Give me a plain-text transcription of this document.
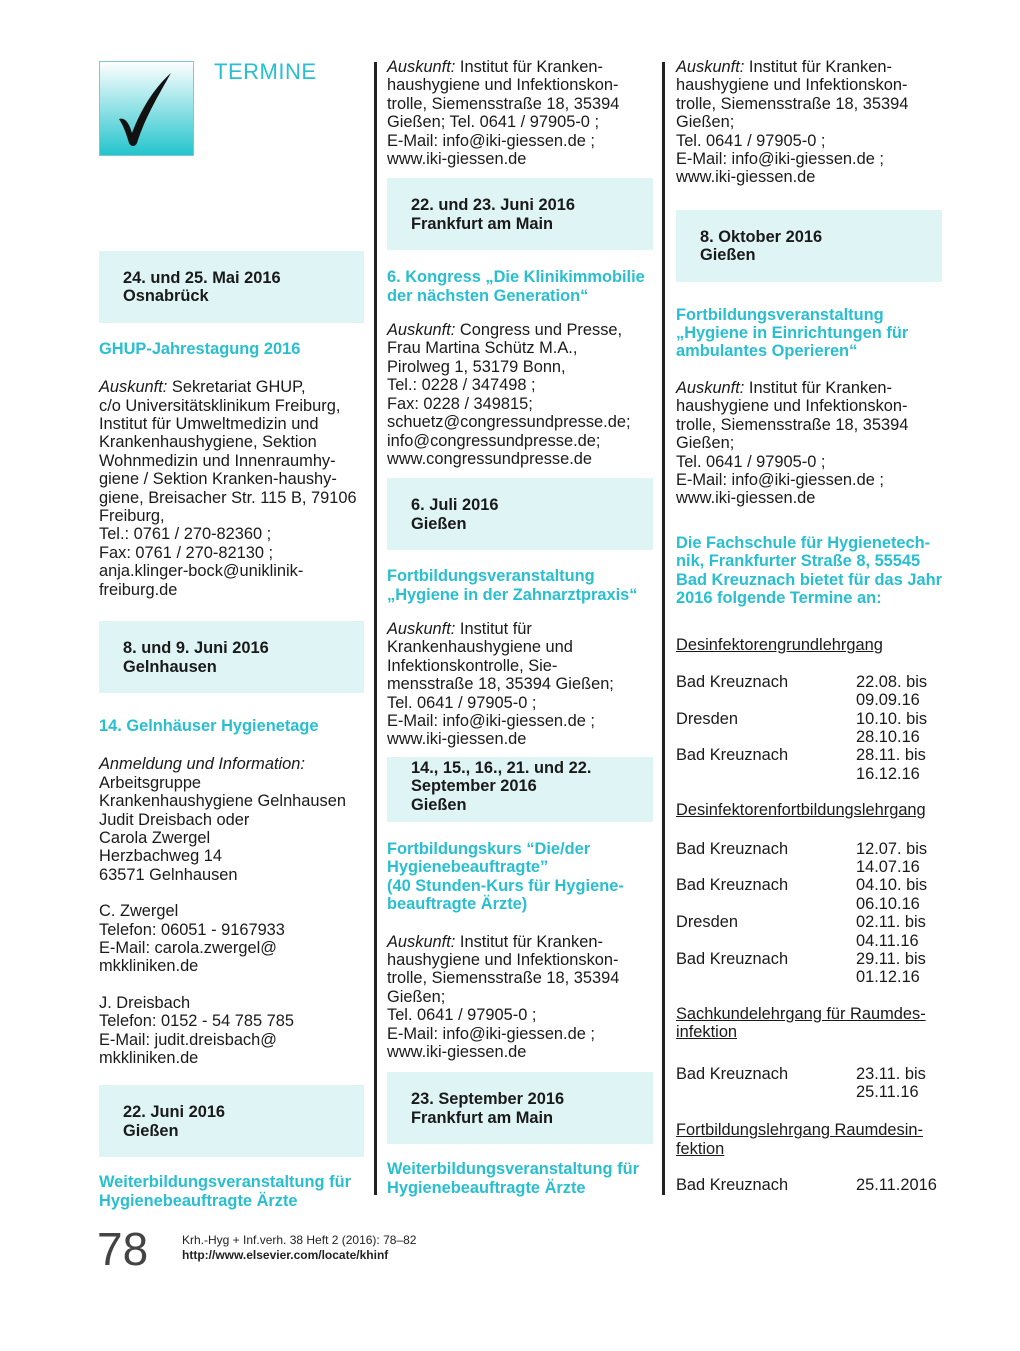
TERMINE
24. und 25. Mai 2016
Osnabrück
GHUP-Jahrestagung 2016

Auskunft: Sekretariat GHUP,
c/o Universitätsklinikum Freiburg,
Institut für Umweltmedizin und
Krankenhaushygiene, Sektion
Wohnmedizin und Innenraumhy-
giene / Sektion Kranken-haushy-
giene, Breisacher Str. 115 B, 79106
Freiburg,
Tel.: 0761 / 270-82360 ;
Fax: 0761 / 270-82130 ;
anja.klinger-bock@uniklinik-
freiburg.de

8. und 9. Juni 2016
Gelnhausen
14. Gelnhäuser Hygienetage

Anmeldung und Information:

Arbeitsgruppe
Krankenhaushygiene Gelnhausen
Judit Dreisbach oder
Carola Zwergel
Herzbachweg 14
63571 Gelnhausen

C. Zwergel
Telefon: 06051 - 9167933
E-Mail: carola.zwergel@
mkkliniken.de

J. Dreisbach
Telefon: 0152 - 54 785 785
E-Mail: judit.dreisbach@
mkkliniken.de

22. Juni 2016
Gießen
Weiterbildungsveranstaltung für
Hygienebeauftragte Ärzte

Auskunft: Institut für Kranken-
haushygiene und Infektionskon-
trolle, Siemensstraße 18, 35394
Gießen; Tel. 0641 / 97905-0 ;
E-Mail: info@iki-giessen.de ;
www.iki-giessen.de

22. und 23. Juni 2016
Frankfurt am Main
6. Kongress „Die Klinikimmobilie
der nächsten Generation“

Auskunft: Congress und Presse,
Frau Martina Schütz M.A.,
Pirolweg 1, 53179 Bonn,
Tel.: 0228 / 347498 ;
Fax: 0228 / 349815;
schuetz@congressundpresse.de;
info@congressundpresse.de;
www.congressundpresse.de

6. Juli 2016
Gießen
Fortbildungsveranstaltung
„Hygiene in der Zahnarztpraxis“

Auskunft: Institut für
Krankenhaushygiene und
Infektionskontrolle, Sie-
mensstraße 18, 35394 Gießen;
Tel. 0641 / 97905-0 ;
E-Mail: info@iki-giessen.de ;
www.iki-giessen.de

14., 15., 16., 21. und 22.
September 2016
Gießen
Fortbildungskurs “Die/der
Hygienebeauftragte”
(40 Stunden-Kurs für Hygiene-
beauftragte Ärzte)

Auskunft: Institut für Kranken-
haushygiene und Infektionskon-
trolle, Siemensstraße 18, 35394
Gießen;
Tel. 0641 / 97905-0 ;
E-Mail: info@iki-giessen.de ;
www.iki-giessen.de

23. September 2016
Frankfurt am Main
Weiterbildungsveranstaltung für
Hygienebeauftragte Ärzte

Auskunft: Institut für Kranken-
haushygiene und Infektionskon-
trolle, Siemensstraße 18, 35394
Gießen;
Tel. 0641 / 97905-0 ;
E-Mail: info@iki-giessen.de ;
www.iki-giessen.de

8. Oktober 2016
Gießen
Fortbildungsveranstaltung
„Hygiene in Einrichtungen für
ambulantes Operieren“

Auskunft: Institut für Kranken-
haushygiene und Infektionskon-
trolle, Siemensstraße 18, 35394
Gießen;
Tel. 0641 / 97905-0 ;
E-Mail: info@iki-giessen.de ;
www.iki-giessen.de

Die Fachschule für Hygienetech-
nik, Frankfurter Straße 8, 55545
Bad Kreuznach bietet für das Jahr
2016 folgende Termine an:
Desinfektorengrundlehrgang
Bad Kreuznach	22.08. bis
09.09.16
Dresden	10.10. bis
28.10.16
Bad Kreuznach	28.11. bis
16.12.16
Desinfektorenfortbildungslehrgang
Bad Kreuznach	12.07. bis
14.07.16
Bad Kreuznach	04.10. bis
06.10.16
Dresden	02.11. bis
04.11.16
Bad Kreuznach	29.11. bis
01.12.16
Sachkundelehrgang für Raumdes-
infektion
Bad Kreuznach	23.11. bis
25.11.16
Fortbildungslehrgang Raumdesin-
fektion
Bad Kreuznach	25.11.2016
78	Krh.-Hyg + Inf.verh. 38 Heft 2 (2016): 78–82
http://www.elsevier.com/locate/khinf
